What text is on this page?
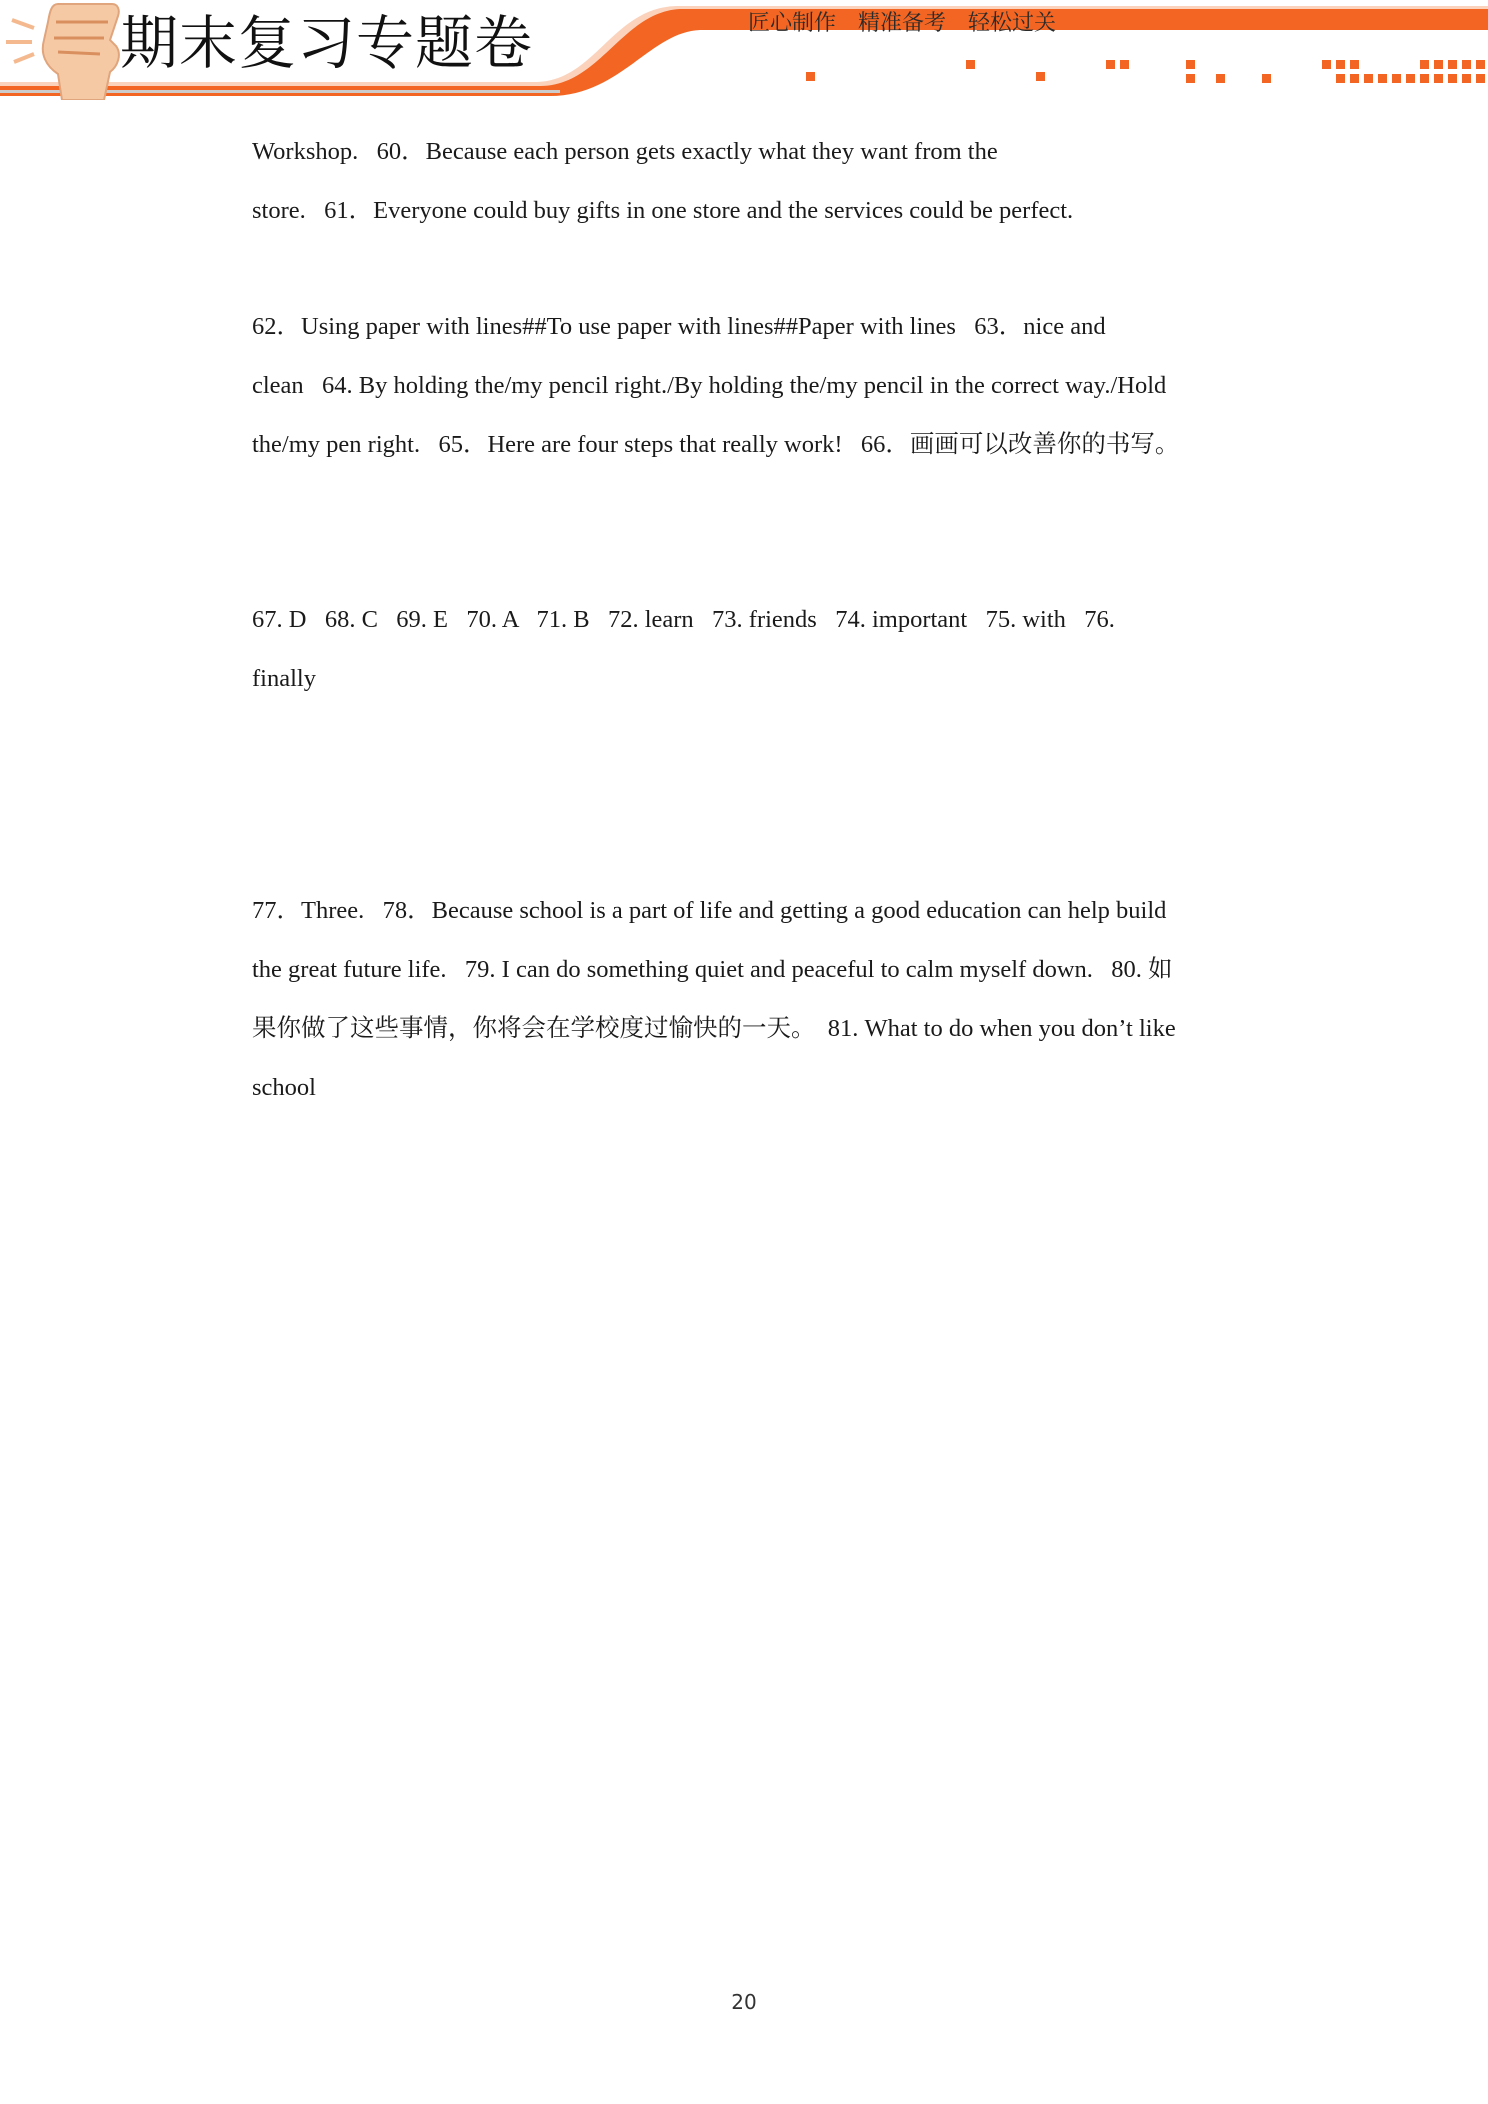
期末复习专题卷	匠心制作 精准备考 轻松过关

Workshop.   60．Because each person gets exactly what they want from the

store.   61．Everyone could buy gifts in one store and the services could be perfect.

62．Using paper with lines##To use paper with lines##Paper with lines   63．nice and

clean   64. By holding the/my pencil right./By holding the/my pencil in the correct way./Hold

the/my pen right.   65．Here are four steps that really work!   66．画画可以改善你的书写。

67. D   68. C   69. E   70. A   71. B   72. learn   73. friends   74. important   75. with   76.

finally

77．Three.   78．Because school is a part of life and getting a good education can help build

the great future life.   79. I can do something quiet and peaceful to calm myself down.   80. 如

果你做了这些事情，你将会在学校度过愉快的一天。  81. What to do when you don’t like

school

20
